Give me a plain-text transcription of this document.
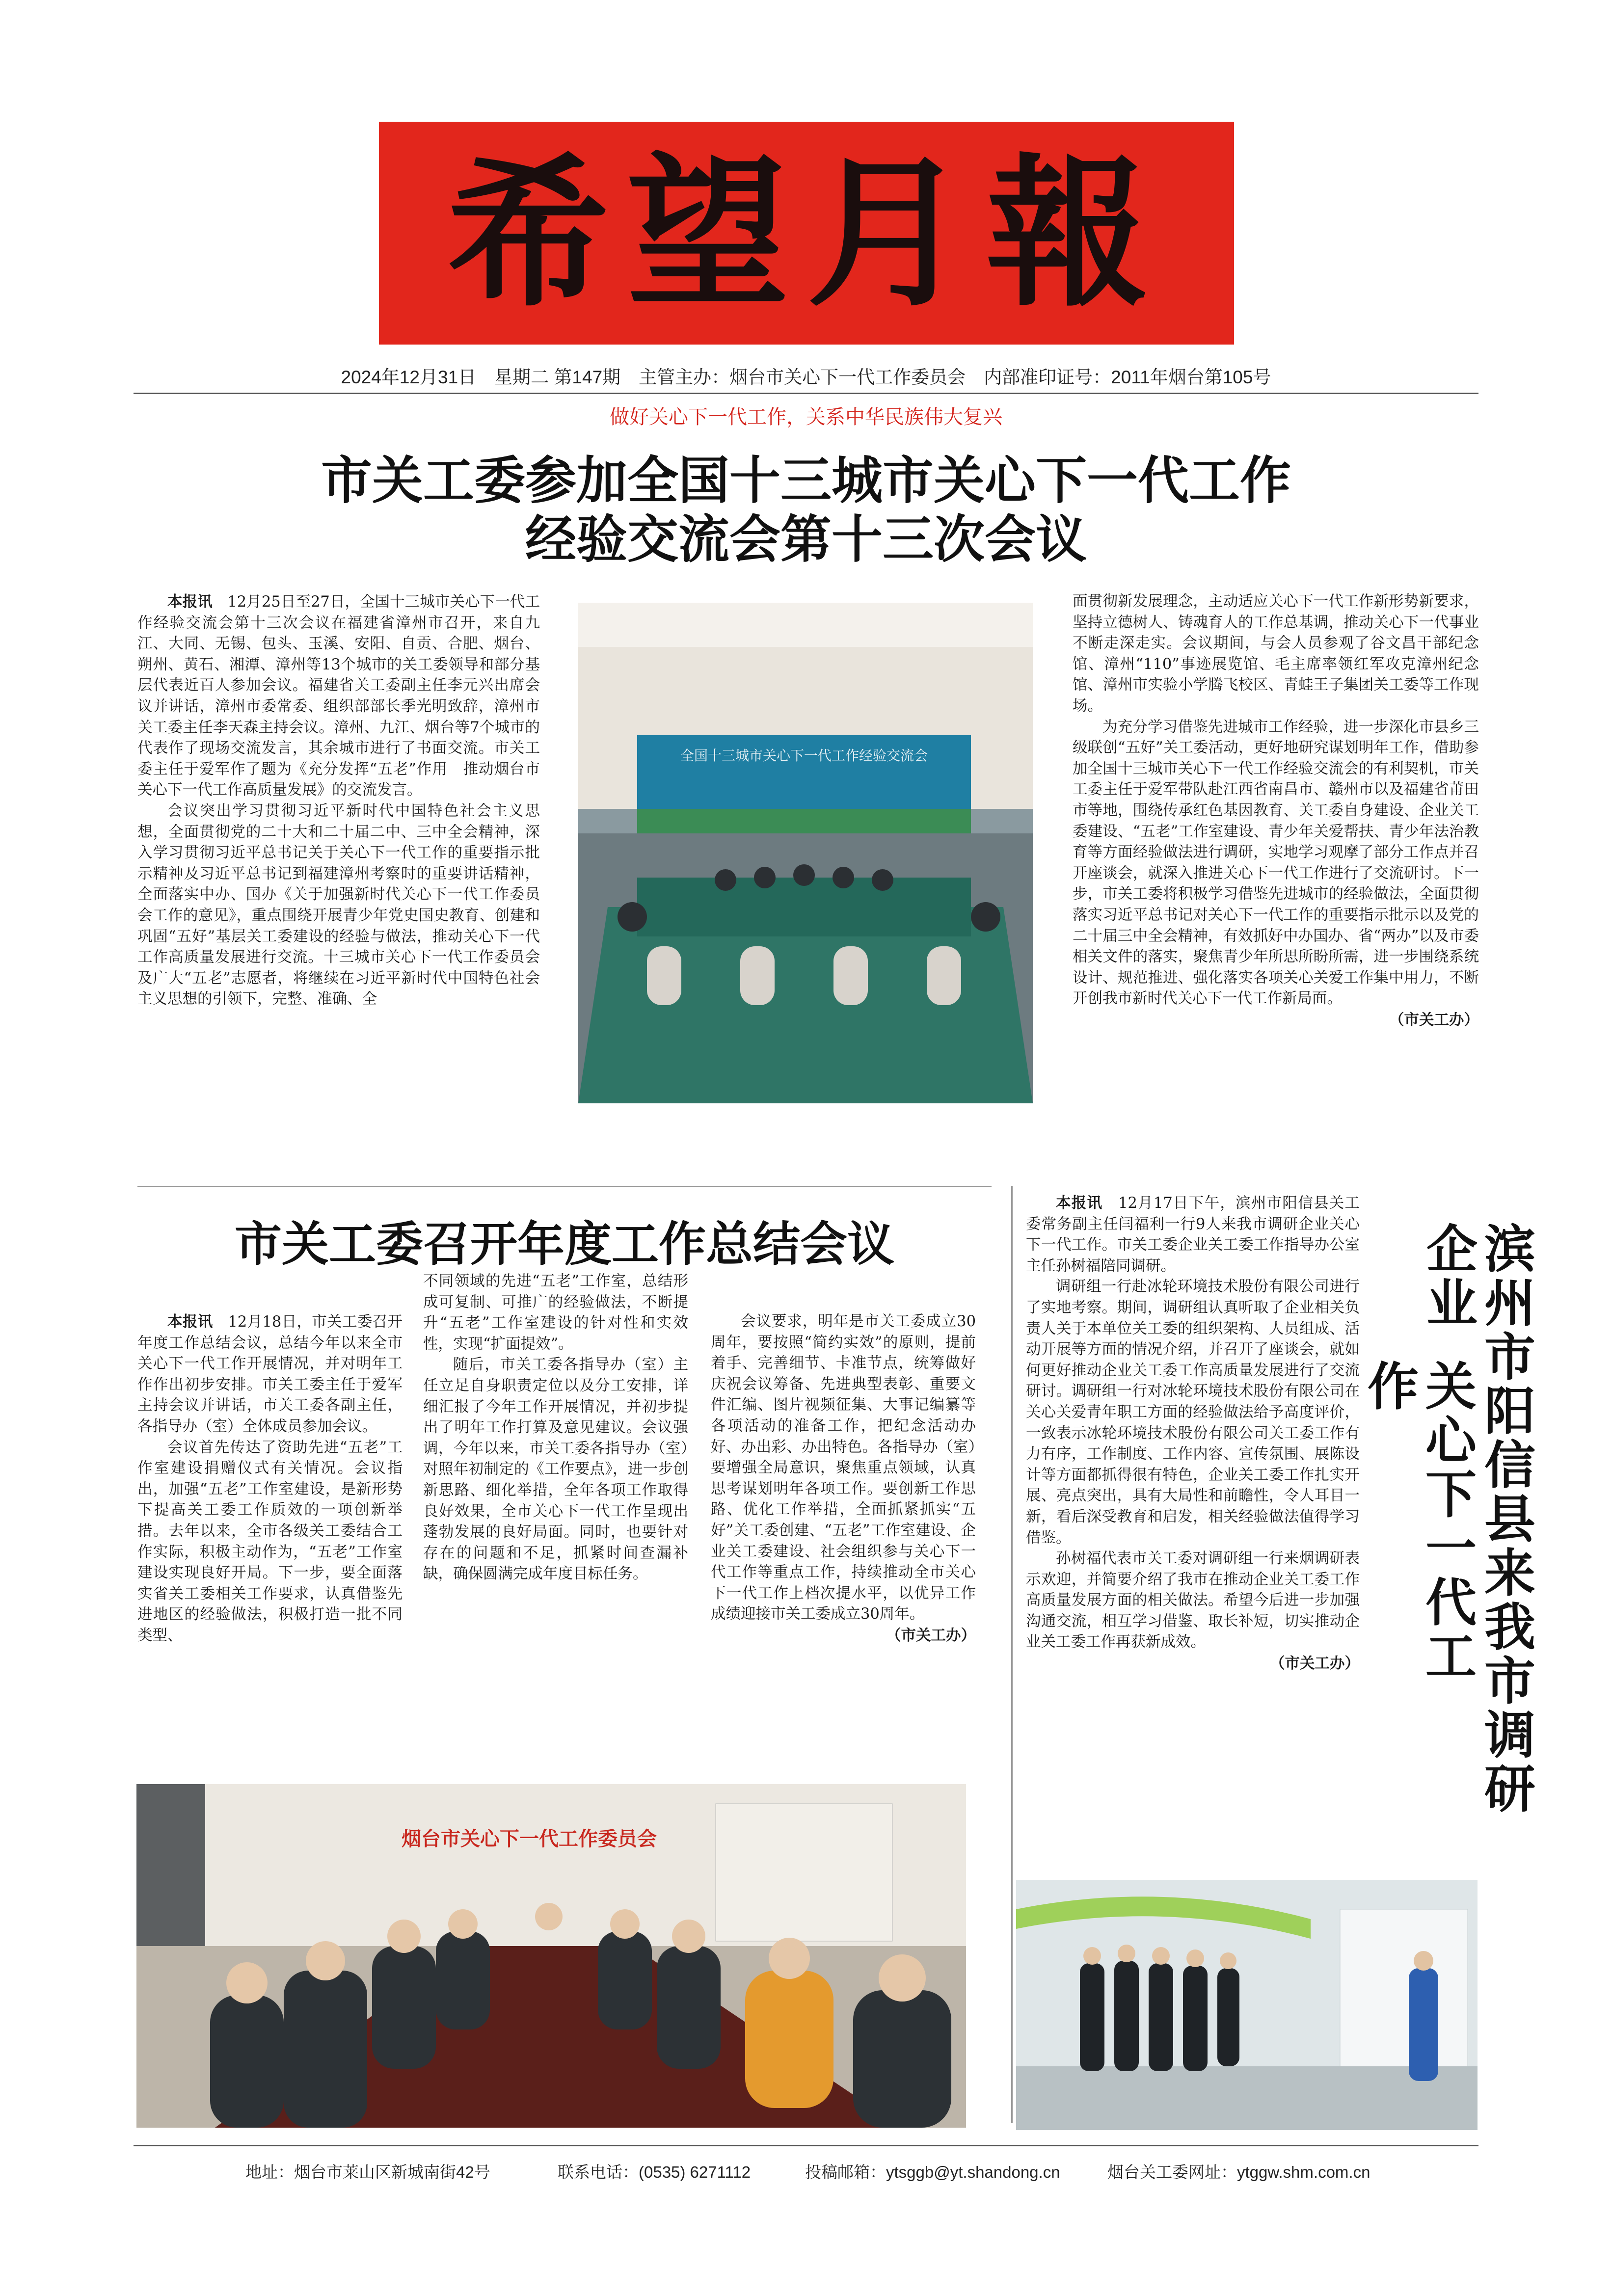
希望月報
2024年12月31日　星期二 第147期　主管主办：烟台市关心下一代工作委员会　内部准印证号：2011年烟台第105号
做好关心下一代工作，关系中华民族伟大复兴
市关工委参加全国十三城市关心下一代工作
经验交流会第十三次会议

本报讯　 12月25日至27日，全国十三城市关心下一代工作经验交流会第十三次会议在福建省漳州市召开，来自九江、大同、无锡、包头、玉溪、安阳、自贡、合肥、烟台、朔州、黄石、湘潭、漳州等13个城市的关工委领导和部分基层代表近百人参加会议。福建省关工委副主任李元兴出席会议并讲话，漳州市委常委、组织部部长季光明致辞，漳州市关工委主任李天森主持会议。漳州、九江、烟台等7个城市的代表作了现场交流发言，其余城市进行了书面交流。市关工委主任于爱军作了题为《充分发挥“五老”作用　推动烟台市关心下一代工作高质量发展》的交流发言。

会议突出学习贯彻习近平新时代中国特色社会主义思想，全面贯彻党的二十大和二十届二中、三中全会精神，深入学习贯彻习近平总书记关于关心下一代工作的重要指示批示精神及习近平总书记到福建漳州考察时的重要讲话精神，全面落实中办、国办《关于加强新时代关心下一代工作委员会工作的意见》，重点围绕开展青少年党史国史教育、创建和巩固“五好”基层关工委建设的经验与做法，推动关心下一代工作高质量发展进行交流。十三城市关心下一代工作委员会及广大“五老”志愿者，将继续在习近平新时代中国特色社会主义思想的引领下，完整、准确、全

全国十三城市关心下一代工作经验交流会

面贯彻新发展理念，主动适应关心下一代工作新形势新要求，坚持立德树人、铸魂育人的工作总基调，推动关心下一代事业不断走深走实。会议期间，与会人员参观了谷文昌干部纪念馆、漳州“110”事迹展览馆、毛主席率领红军攻克漳州纪念馆、漳州市实验小学腾飞校区、青蛙王子集团关工委等工作现场。

为充分学习借鉴先进城市工作经验，进一步深化市县乡三级联创“五好”关工委活动，更好地研究谋划明年工作，借助参加全国十三城市关心下一代工作经验交流会的有利契机，市关工委主任于爱军带队赴江西省南昌市、赣州市以及福建省莆田市等地，围绕传承红色基因教育、关工委自身建设、企业关工委建设、“五老”工作室建设、青少年关爱帮扶、青少年法治教育等方面经验做法进行调研，实地学习观摩了部分工作点并召开座谈会，就深入推进关心下一代工作进行了交流研讨。下一步，市关工委将积极学习借鉴先进城市的经验做法，全面贯彻落实习近平总书记对关心下一代工作的重要指示批示以及党的二十届三中全会精神，有效抓好中办国办、省“两办”以及市委相关文件的落实，聚焦青少年所思所盼所需，进一步围绕系统设计、规范推进、强化落实各项关心关爱工作集中用力，不断开创我市新时代关心下一代工作新局面。

（市关工办）
市关工委召开年度工作总结会议

本报讯　 12月18日，市关工委召开年度工作总结会议，总结今年以来全市关心下一代工作开展情况，并对明年工作作出初步安排。市关工委主任于爱军主持会议并讲话，市关工委各副主任，各指导办（室）全体成员参加会议。

会议首先传达了资助先进“五老”工作室建设捐赠仪式有关情况。会议指出，加强“五老”工作室建设，是新形势下提高关工委工作质效的一项创新举措。去年以来，全市各级关工委结合工作实际，积极主动作为，“五老”工作室建设实现良好开局。下一步，要全面落实省关工委相关工作要求，认真借鉴先进地区的经验做法，积极打造一批不同类型、

不同领域的先进“五老”工作室，总结形成可复制、可推广的经验做法，不断提升“五老”工作室建设的针对性和实效性，实现“扩面提效”。

随后，市关工委各指导办（室）主任立足自身职责定位以及分工安排，详细汇报了今年工作开展情况，并初步提出了明年工作打算及意见建议。会议强调，今年以来，市关工委各指导办（室）对照年初制定的《工作要点》，进一步创新思路、细化举措，全年各项工作取得良好效果，全市关心下一代工作呈现出蓬勃发展的良好局面。同时，也要针对存在的问题和不足，抓紧时间查漏补缺，确保圆满完成年度目标任务。

会议要求，明年是市关工委成立30周年，要按照“简约实效”的原则，提前着手、完善细节、卡准节点，统筹做好庆祝会议筹备、先进典型表彰、重要文件汇编、图片视频征集、大事记编纂等各项活动的准备工作，把纪念活动办好、办出彩、办出特色。各指导办（室）要增强全局意识，聚焦重点领域，认真思考谋划明年各项工作。要创新工作思路、优化工作举措，全面抓紧抓实“五好”关工委创建、“五老”工作室建设、企业关工委建设、社会组织参与关心下一代工作等重点工作，持续推动全市关心下一代工作上档次提水平，以优异工作成绩迎接市关工委成立30周年。

（市关工办）
烟台市关心下一代工作委员会

本报讯　 12月17日下午，滨州市阳信县关工委常务副主任闫福利一行9人来我市调研企业关心下一代工作。市关工委企业关工委工作指导办公室主任孙树福陪同调研。

调研组一行赴冰轮环境技术股份有限公司进行了实地考察。期间，调研组认真听取了企业相关负责人关于本单位关工委的组织架构、人员组成、活动开展等方面的情况介绍，并召开了座谈会，就如何更好推动企业关工委工作高质量发展进行了交流研讨。调研组一行对冰轮环境技术股份有限公司在关心关爱青年职工方面的经验做法给予高度评价，一致表示冰轮环境技术股份有限公司关工委工作有力有序，工作制度、工作内容、宣传氛围、展陈设计等方面都抓得很有特色，企业关工委工作扎实开展、亮点突出，具有大局性和前瞻性，令人耳目一新，看后深受教育和启发，相关经验做法值得学习借鉴。

孙树福代表市关工委对调研组一行来烟调研表示欢迎，并简要介绍了我市在推动企业关工委工作高质量发展方面的相关做法。希望今后进一步加强沟通交流，相互学习借鉴、取长补短，切实推动企业关工委工作再获新成效。

（市关工办）	滨州市阳信县来我市调研企业
关心下一代工作
地址：烟台市莱山区新城南街42号	联系电话：(0535) 6271112	投稿邮箱：ytsggb@yt.shandong.cn	烟台关工委网址：ytggw.shm.com.cn
